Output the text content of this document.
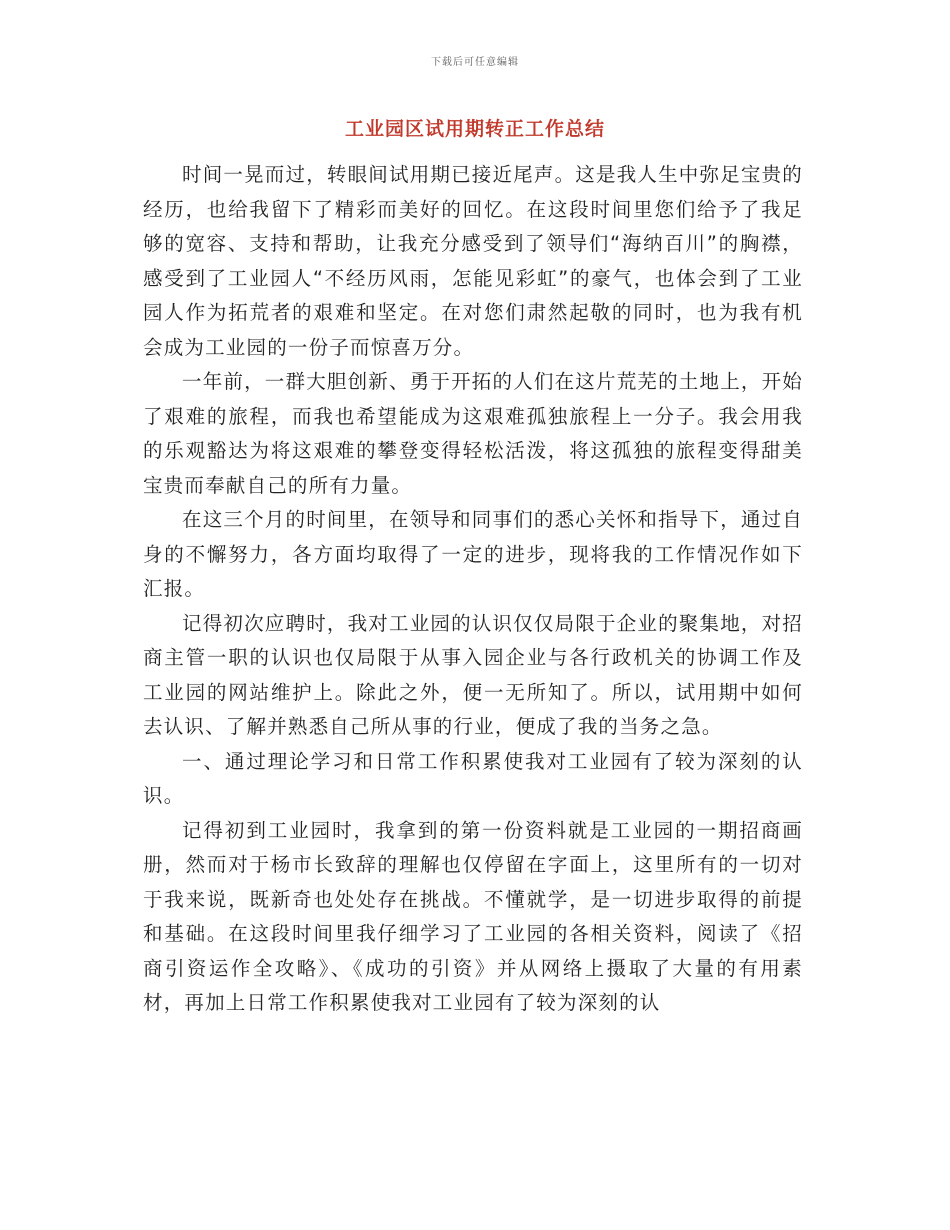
下载后可任意编辑
工业园区试用期转正工作总结

时间一晃而过，转眼间试用期已接近尾声。这是我人生中弥足宝贵的经历，也给我留下了精彩而美好的回忆。在这段时间里您们给予了我足够的宽容、支持和帮助，让我充分感受到了领导们“海纳百川”的胸襟，感受到了工业园人“不经历风雨，怎能见彩虹”的豪气，也体会到了工业园人作为拓荒者的艰难和坚定。在对您们肃然起敬的同时，也为我有机会成为工业园的一份子而惊喜万分。

一年前，一群大胆创新、勇于开拓的人们在这片荒芜的土地上，开始了艰难的旅程，而我也希望能成为这艰难孤独旅程上一分子。我会用我的乐观豁达为将这艰难的攀登变得轻松活泼，将这孤独的旅程变得甜美宝贵而奉献自己的所有力量。

在这三个月的时间里，在领导和同事们的悉心关怀和指导下，通过自身的不懈努力，各方面均取得了一定的进步，现将我的工作情况作如下汇报。

记得初次应聘时，我对工业园的认识仅仅局限于企业的聚集地，对招商主管一职的认识也仅局限于从事入园企业与各行政机关的协调工作及工业园的网站维护上。除此之外，便一无所知了。所以，试用期中如何去认识、了解并熟悉自己所从事的行业，便成了我的当务之急。

一、通过理论学习和日常工作积累使我对工业园有了较为深刻的认识。

记得初到工业园时，我拿到的第一份资料就是工业园的一期招商画册，然而对于杨市长致辞的理解也仅停留在字面上，这里所有的一切对于我来说，既新奇也处处存在挑战。不懂就学，是一切进步取得的前提和基础。在这段时间里我仔细学习了工业园的各相关资料，阅读了《招商引资运作全攻略》、《成功的引资》并从网络上摄取了大量的有用素材，再加上日常工作积累使我对工业园有了较为深刻的认
